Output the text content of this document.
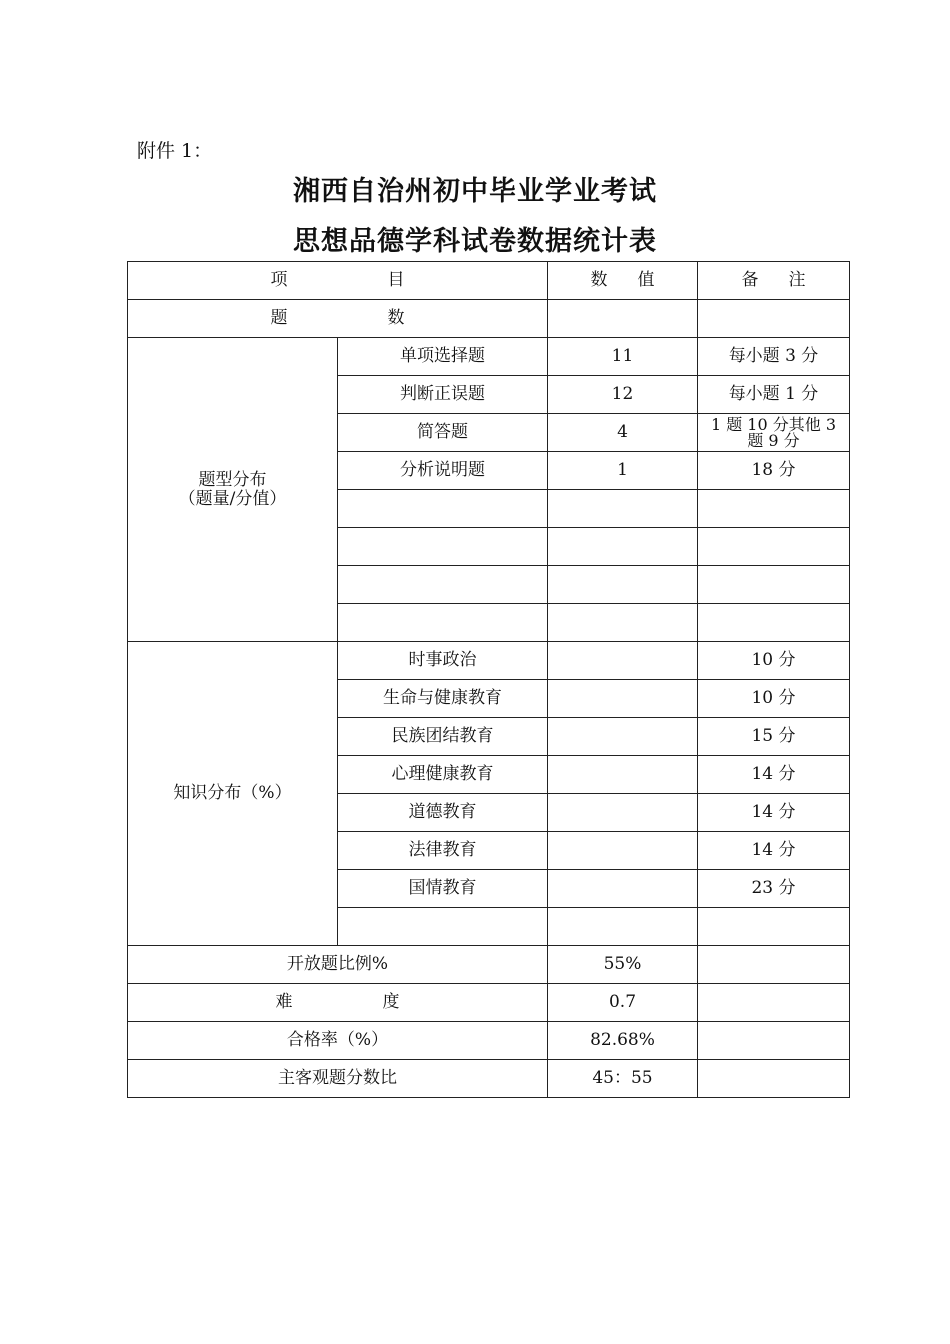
附件 1：
湘西自治州初中毕业学业考试
思想品德学科试卷数据统计表
项 目		数 值	备 注
题 数			

题型分布
（题量/分值）	单项选择题	11	每小题 3 分
	判断正误题	12	每小题 1 分
	简答题	4	1 题 10 分其他 3
题 9 分

	分析说明题	1	18 分

知识分布（%）	时事政治		10 分
	生命与健康教育		10 分
	民族团结教育		15 分
	心理健康教育		14 分
	道德教育		14 分
	法律教育		14 分
	国情教育		23 分

开放题比例%		55%	
难 度		0.7	
合格率（%）		82.68%	
主客观题分数比		45：55	
